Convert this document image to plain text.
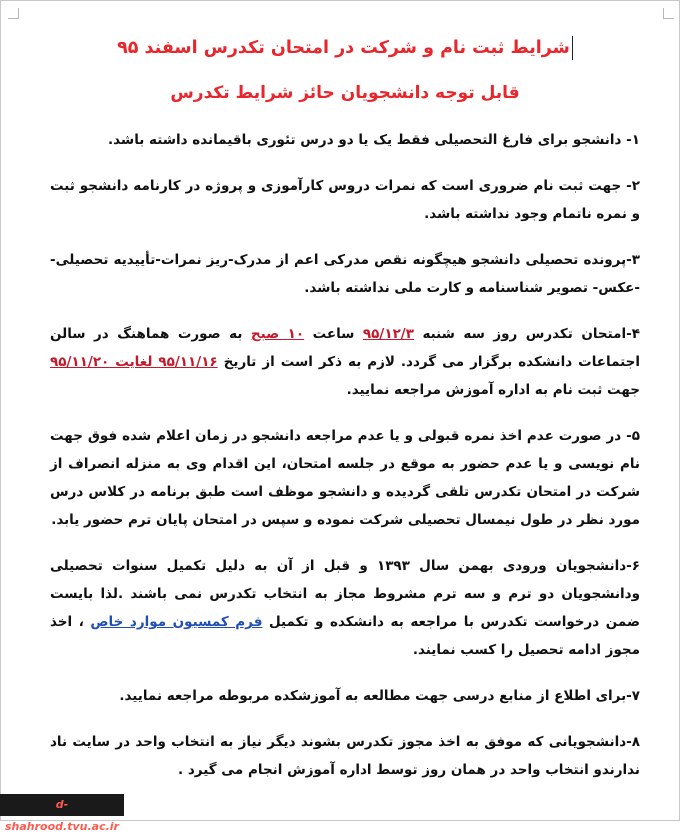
شرایط ثبت نام و شرکت در امتحان تکدرس اسفند ۹۵
قابل توجه دانشجویان حائز شرایط تکدرس

۱- دانشجو برای فارغ التحصیلی فقط یک یا دو درس تئوری باقیمانده داشته باشد.

۲- جهت ثبت نام ضروری است که نمرات دروس کارآموزی و پروژه در کارنامه دانشجو ثبت و نمره ناتمام وجود نداشته باشد.

۳-پرونده تحصیلی دانشجو هیچگونه نقص مدرکی اعم از مدرک-ریز نمرات-تأییدیه تحصیلی- -عکس- تصویر شناسنامه و کارت ملی نداشته باشد.

۴-امتحان تکدرس روز سه شنبه ۹۵/۱۲/۳ ساعت ۱۰ صبح به صورت هماهنگ در سالن اجتماعات دانشکده برگزار می گردد. لازم به ذکر است از تاریخ ۹۵/۱۱/۱۶ لغایت ۹۵/۱۱/۲۰ جهت ثبت نام به اداره آموزش مراجعه نمایید.

۵- در صورت عدم اخذ نمره قبولی و یا عدم مراجعه دانشجو در زمان اعلام شده فوق جهت نام نویسی و یا عدم حضور به موقع در جلسه امتحان، این اقدام وی به منزله انصراف از شرکت در امتحان تکدرس تلقی گردیده و دانشجو موظف است طبق برنامه در کلاس درس مورد نظر در طول نیمسال تحصیلی شرکت نموده و سپس در امتحان پایان ترم حضور یابد.

۶-دانشجویان ورودی بهمن سال ۱۳۹۳ و قبل از آن به دلیل تکمیل سنوات تحصیلی ودانشجویان دو ترم و سه ترم مشروط مجاز به انتخاب تکدرس نمی باشند .لذا بایست ضمن درخواست تکدرس با مراجعه به دانشکده و تکمیل فرم کمسیون موارد خاص ، اخذ مجوز ادامه تحصیل را کسب نمایند.

۷-برای اطلاع از منابع درسی جهت مطالعه به آموزشکده مربوطه مراجعه نمایید.

۸-دانشجویانی که موفق به اخذ مجوز تکدرس بشوند دیگر نیاز به انتخاب واحد در سایت ناد ندارندو انتخاب واحد در همان روز توسط اداره آموزش انجام می گیرد .

d-shahrood.tvu.ac.ir
